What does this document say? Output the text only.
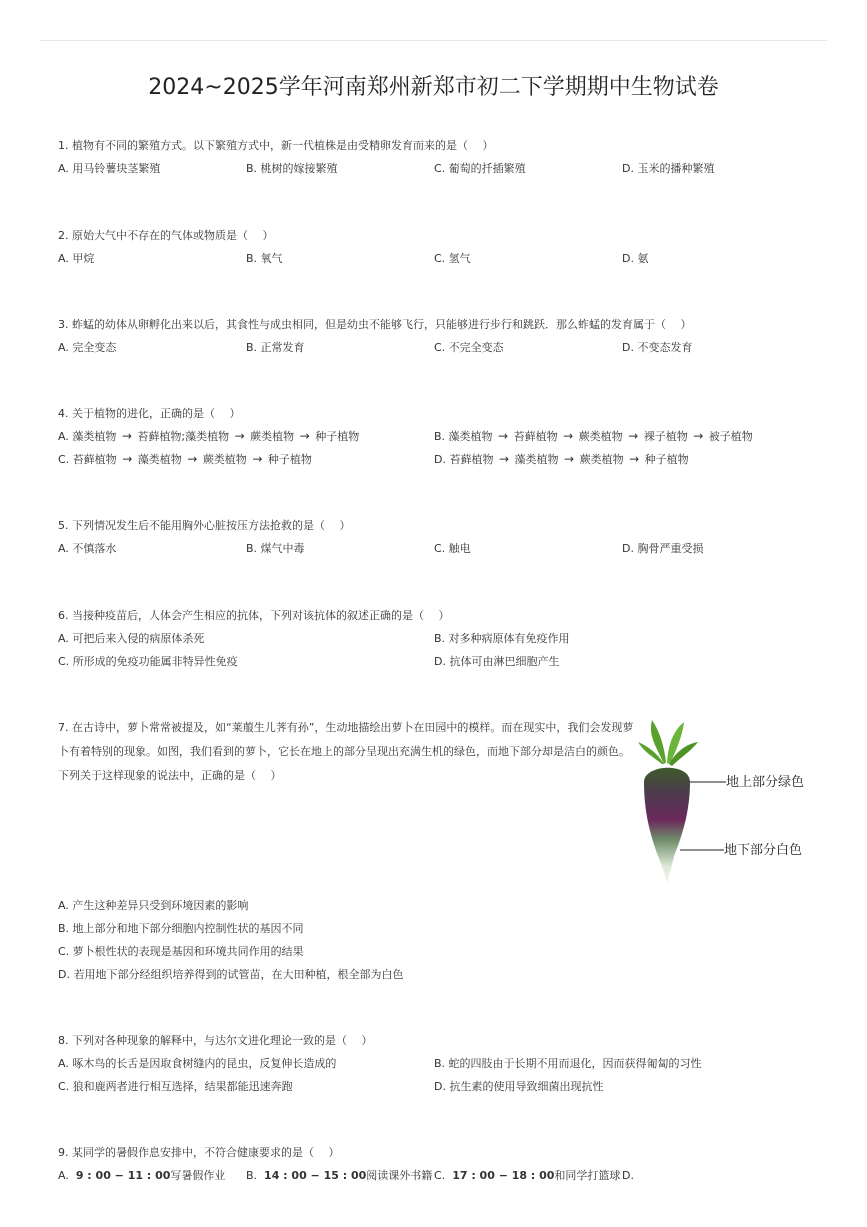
2024~2025学年河南郑州新郑市初二下学期期中生物试卷
1. 植物有不同的繁殖方式。以下繁殖方式中，新一代植株是由受精卵发育而来的是（　 ）
A. 用马铃薯块茎繁殖	B. 桃树的嫁接繁殖	C. 葡萄的扦插繁殖	D. 玉米的播种繁殖
2. 原始大气中不存在的气体或物质是（　 ）
A. 甲烷	B. 氧气	C. 氢气	D. 氨
3. 蚱蜢的幼体从卵孵化出来以后，其食性与成虫相同，但是幼虫不能够飞行，只能够进行步行和跳跃．那么蚱蜢的发育属于（　 ）
A. 完全变态	B. 正常发育	C. 不完全变态	D. 不变态发育
4. 关于植物的进化，正确的是（　 ）
A. 藻类植物 → 苔藓植物;藻类植物 → 蕨类植物 → 种子植物	B. 藻类植物 → 苔藓植物 → 蕨类植物 → 裸子植物 → 被子植物
C. 苔藓植物 → 藻类植物 → 蕨类植物 → 种子植物	D. 苔藓植物 → 藻类植物 → 蕨类植物 → 种子植物
5. 下列情况发生后不能用胸外心脏按压方法抢救的是（　 ）
A. 不慎落水	B. 煤气中毒	C. 触电	D. 胸骨严重受损
6. 当接种疫苗后，人体会产生相应的抗体，下列对该抗体的叙述正确的是（　 ）
A. 可把后来入侵的病原体杀死	B. 对多种病原体有免疫作用
C. 所形成的免疫功能属非特异性免疫	D. 抗体可由淋巴细胞产生
7. 在古诗中，萝卜常常被提及，如“莱菔生儿荠有孙”，生动地描绘出萝卜在田园中的模样。而在现实中，我们会发现萝卜有着特别的现象。如图，我们看到的萝卜，它长在地上的部分呈现出充满生机的绿色，而地下部分却是洁白的颜色。下列关于这样现象的说法中，正确的是（　 ）	地上部分绿色
地下部分白色
A. 产生这种差异只受到环境因素的影响
B. 地上部分和地下部分细胞内控制性状的基因不同
C. 萝卜根性状的表现是基因和环境共同作用的结果
D. 若用地下部分经组织培养得到的试管苗，在大田种植，根全部为白色
8. 下列对各种现象的解释中，与达尔文进化理论一致的是（　 ）
A. 啄木鸟的长舌是因取食树缝内的昆虫，反复伸长造成的	B. 蛇的四肢由于长期不用而退化，因而获得匍匐的习性
C. 狼和鹿两者进行相互选择，结果都能迅速奔跑	D. 抗生素的使用导致细菌出现抗性
9. 某同学的暑假作息安排中，不符合健康要求的是（　 ）
A. 9 : 00 − 11 : 00写暑假作业 B. 14 : 00 − 15 : 00阅读课外书籍 C. 17 : 00 − 18 : 00和同学打篮球 D.
